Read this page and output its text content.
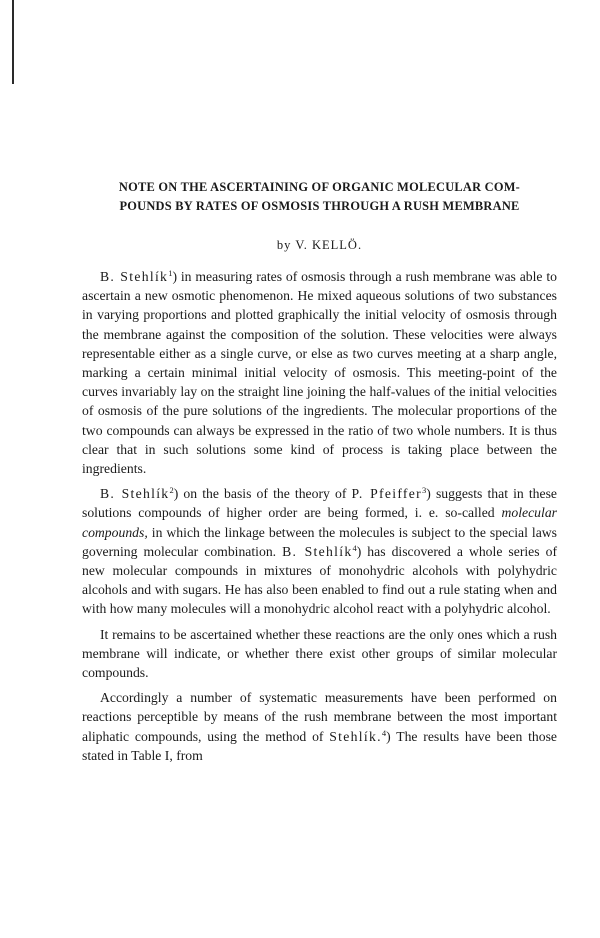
NOTE ON THE ASCERTAINING OF ORGANIC MOLECULAR COM-
POUNDS BY RATES OF OSMOSIS THROUGH A RUSH MEMBRANE
by V. KELLÖ.

B. Stehlík$^1$) in measuring rates of osmosis through a rush membrane was able to ascertain a new osmotic phenomenon. He mixed aqueous solutions of two substances in varying proportions and plotted graphically the initial velocity of osmosis through the membrane against the composition of the solution. These velocities were always representable either as a single curve, or else as two curves meeting at a sharp angle, marking a certain minimal initial velocity of osmosis. This meeting-point of the curves invariably lay on the straight line joining the half-values of the initial velocities of osmosis of the pure solutions of the ingredients. The molecular proportions of the two compounds can always be expressed in the ratio of two whole numbers. It is thus clear that in such solutions some kind of process is taking place between the ingredients.

B. Stehlík$^2$) on the basis of the theory of P. Pfeiffer$^3$) suggests that in these solutions compounds of higher order are being formed, i. e. so-called molecular compounds, in which the linkage between the molecules is subject to the special laws governing molecular combination. B. Stehlík$^4$) has discovered a whole series of new molecular compounds in mixtures of monohydric alcohols with polyhydric alcohols and with sugars. He has also been enabled to find out a rule stating when and with how many molecules will a monohydric alcohol react with a polyhydric alcohol.

It remains to be ascertained whether these reactions are the only ones which a rush membrane will indicate, or whether there exist other groups of similar molecular compounds.

Accordingly a number of systematic measurements have been performed on reactions perceptible by means of the rush membrane between the most important aliphatic compounds, using the method of Stehlík.$^4$) The results have been those stated in Table I, from
